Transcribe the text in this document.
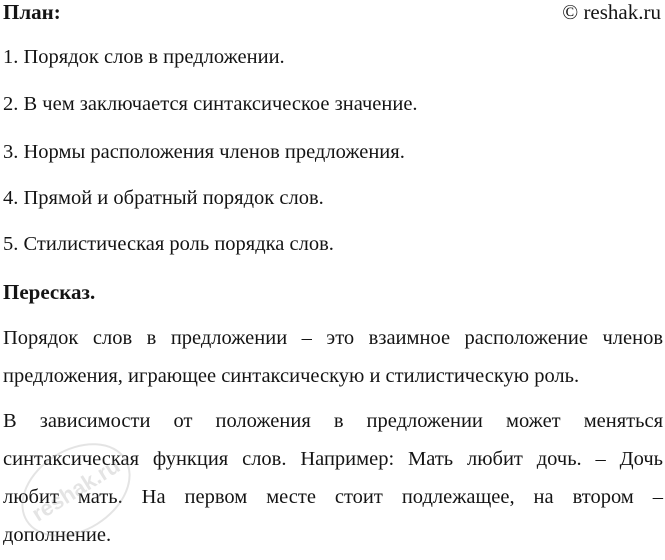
План:	© reshak.ru
1. Порядок слов в предложении.
2. В чем заключается синтаксическое значение.
3. Нормы расположения членов предложения.
4. Прямой и обратный порядок слов.
5. Стилистическая роль порядка слов.
Пересказ.
Порядок слов в предложении – это взаимное расположение членов
предложения, играющее синтаксическую и стилистическую роль.
В зависимости от положения в предложении может меняться
синтаксическая функция слов. Например: Мать любит дочь. – Дочь
любит мать. На первом месте стоит подлежащее, на втором –
дополнение.
reshak.ru
